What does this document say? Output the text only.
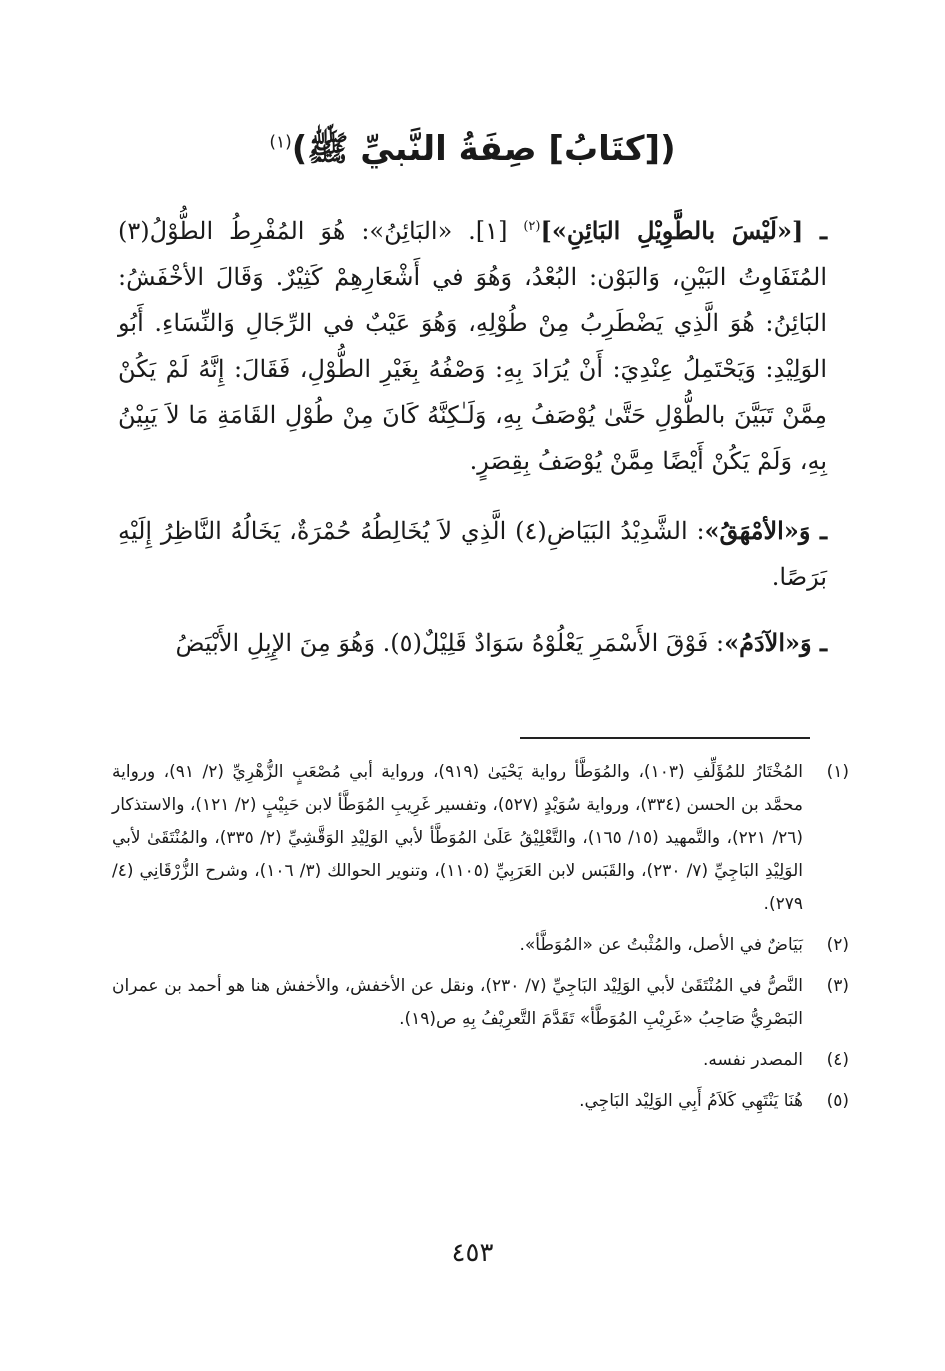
([كتَابُ] صِفَةُ النَّبيِّ ﷺ)$^{(١)}$

ـ [«لَيْسَ بالطَّوِيْلِ البَائِنِ»]$^{(٢)}$ [١]. «البَائِنُ»: هُوَ المُفْرِطُ الطُّوْلُ(٣) المُتَفَاوِتُ البَيْنِ، وَالبَوْن: البُعْدُ، وَهُوَ في أَشْعَارِهِمْ كَثِيْرٌ. وَقَالَ الأخْفَشُ: البَائِنُ: هُوَ الَّذِي يَضْطَرِبُ مِنْ طُوْلِهِ، وَهُوَ عَيْبٌ في الرِّجَالِ وَالنِّسَاءِ. أَبُو الوَلِيْدِ: وَيَحْتَمِلُ عِنْدِيَ: أَنْ يُرَادَ بِهِ: وَصْفُهُ بِغَيْرِ الطُّوْلِ، فَقَالَ: إِنَّهُ لَمْ يَكُنْ مِمَّنْ تَبَيَّنَ بالطُّوْلِ حَتَّىٰ يُوْصَفُ بِهِ، وَلَـٰكِنَّهُ كَانَ مِنْ طُوْلِ القَامَةِ مَا لاَ يَبِيْنُ بِهِ، وَلَمْ يَكُنْ أَيْضًا مِمَّنْ يُوْصَفُ بِقِصَرٍ.

ـ وَ«الأمْهَقُ»: الشَّدِيْدُ البَيَاضِ(٤) الَّذِي لاَ يُخَالِطُهُ حُمْرَةٌ، يَخَالُهُ النَّاظِرُ إِلَيْهِ بَرَصًا.

ـ وَ«الآدَمُ»: فَوْقَ الأَسْمَرِ يَعْلُوْهُ سَوَادٌ قَلِيْلٌ(٥). وَهُوَ مِنَ الإِبِلِ الأَبْيَضُ

(١)
المُخْتَارُ للمُؤَلِّفِ (١٠٣)، والمُوَطَّأ رواية يَحْيَىٰ (٩١٩)، ورواية أبي مُصْعَبٍ الزُّهْرِيِّ (٢/ ٩١)، ورواية محمَّد بن الحسن (٣٣٤)، ورواية سُوَيْدٍ (٥٢٧)، وتفسير غَرِيبِ المُوَطَّأ لابن حَبِيْبٍ (٢/ ١٢١)، والاستذكار (٢٦/ ٢٢١)، والتَّمهيد (١٥/ ١٦٥)، والتَّعْلِيْقُ عَلَىٰ المُوَطَّأ لأبي الوَلِيْدِ الوَقَّشِيِّ (٢/ ٣٣٥)، والمُنْتَقَىٰ لأبي الوَلِيْدِ البَاجِيِّ (٧/ ٢٣٠)، والقَبَس لابن العَرَبِيِّ (١١٠٥)، وتنوير الحوالك (٣/ ١٠٦)، وشرح الزُّرْقَانِي (٤/ ٢٧٩).
(٢)
بَيَاضٌ في الأصل، والمُثْبتُ عن «المُوَطَّأ».
(٣)
النَّصُّ في المُنْتَقَىٰ لأبي الوَلِيْد البَاجِيِّ (٧/ ٢٣٠)، ونقل عن الأخفش، والأخفش هنا هو أحمد بن عمران البَصْرِيُّ صَاحِبُ «غَرِيْبِ المُوَطَّأ» تَقَدَّمَ التَّعرِيْفُ بِهِ ص(١٩).
(٤)
المصدر نفسه.
(٥)
هُنَا يَنْتَهِي كَلاَمُ أَبِي الوَلِيْد البَاجِي.
٤٥٣
